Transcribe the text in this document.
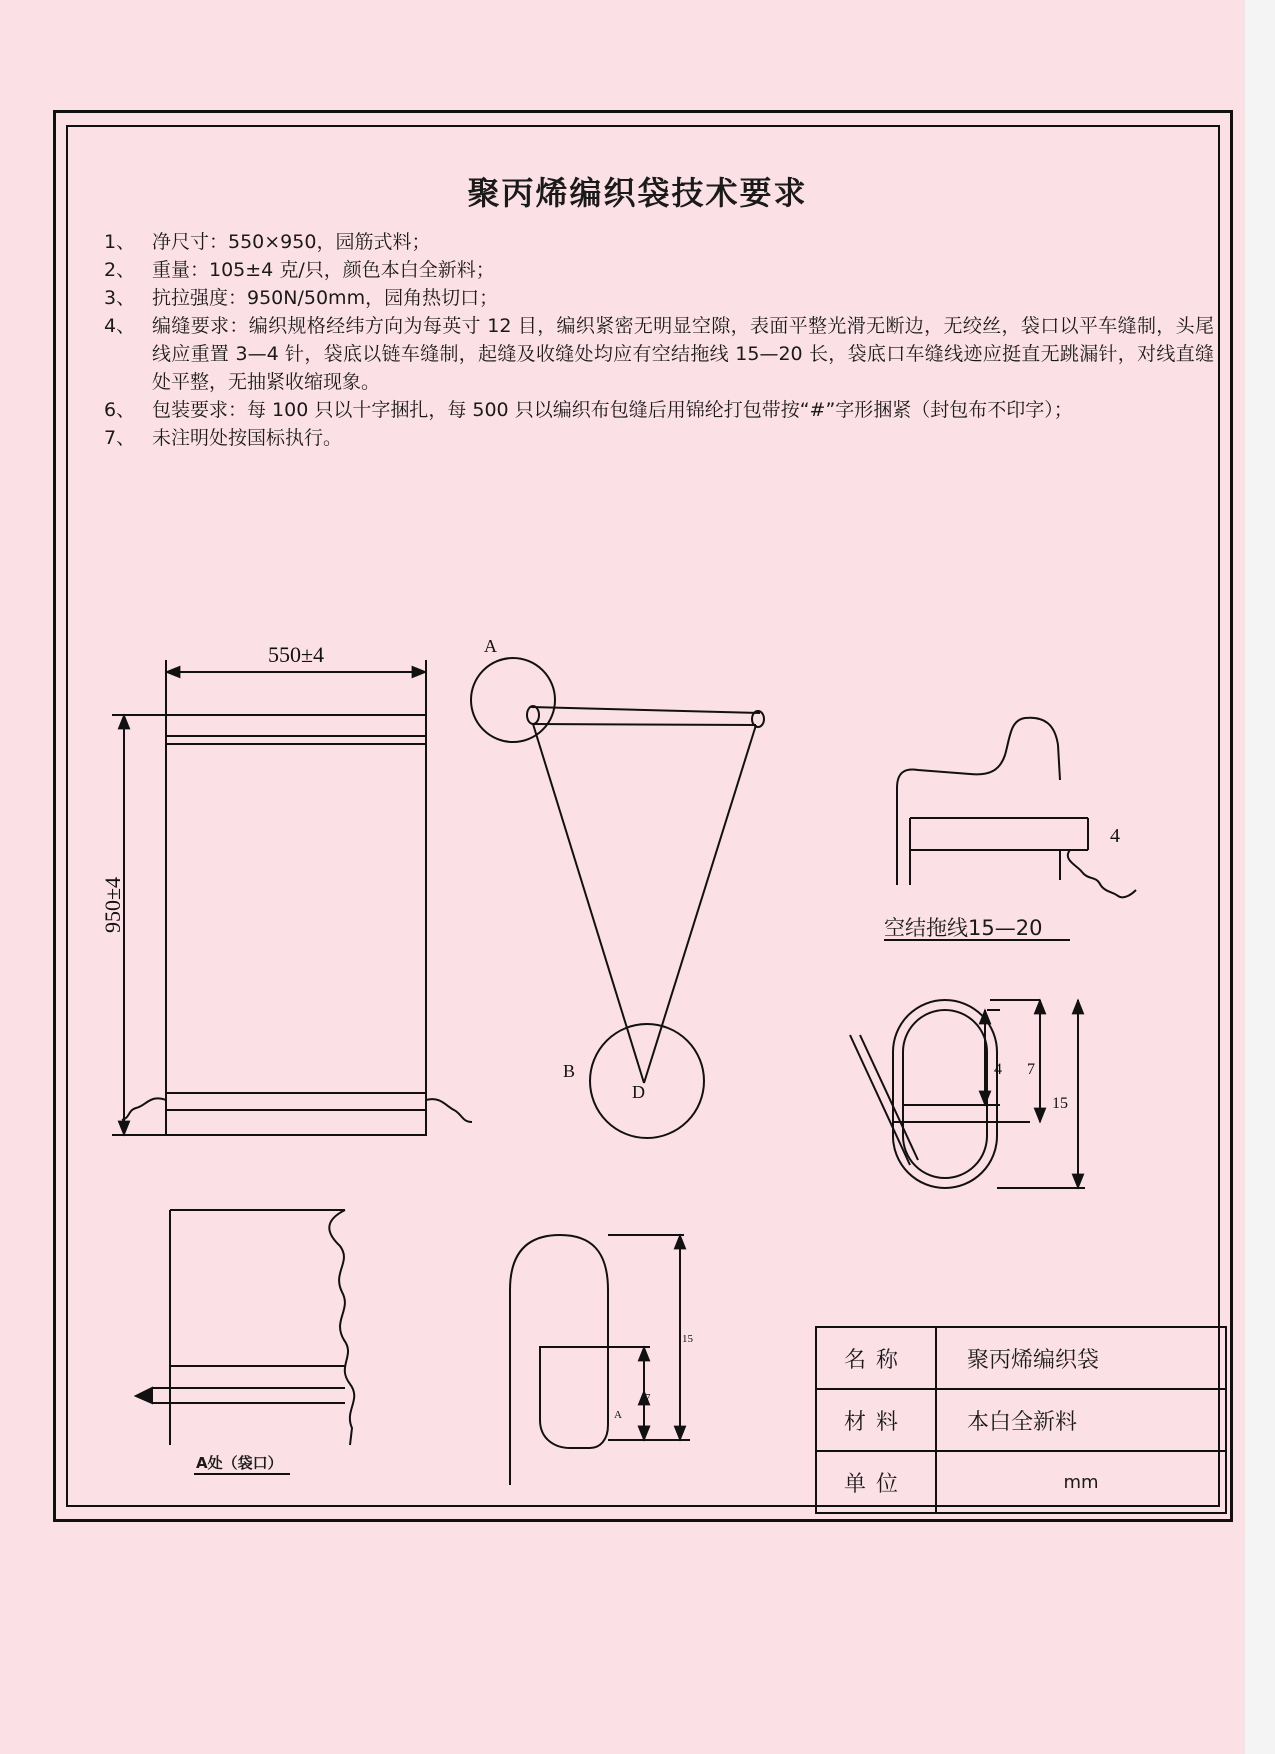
聚丙烯编织袋技术要求
1、 净尺寸：550×950，园筋式料；
2、 重量：105±4 克/只，颜色本白全新料；
3、 抗拉强度：950N/50mm，园角热切口；
4、 编缝要求：编织规格经纬方向为每英寸 12 目，编织紧密无明显空隙，表面平整光滑无断边，无绞丝，袋口以平车缝制，头尾线应重置 3—4 针，袋底以链车缝制，起缝及收缝处均应有空结拖线 15—20 长，袋底口车缝线迹应挺直无跳漏针，对线直缝处平整，无抽紧收缩现象。
6、 包装要求：每 100 只以十字捆扎，每 500 只以编织布包缝后用锦纶打包带按“#”字形捆紧（封包布不印字）；
7、 未注明处按国标执行。
550±4
950±4
A
B
D
4
4 7
15
A
7
15
空结拖线15—20
A处（袋口）
名称	聚丙烯编织袋
材料	本白全新料
单位	mm
